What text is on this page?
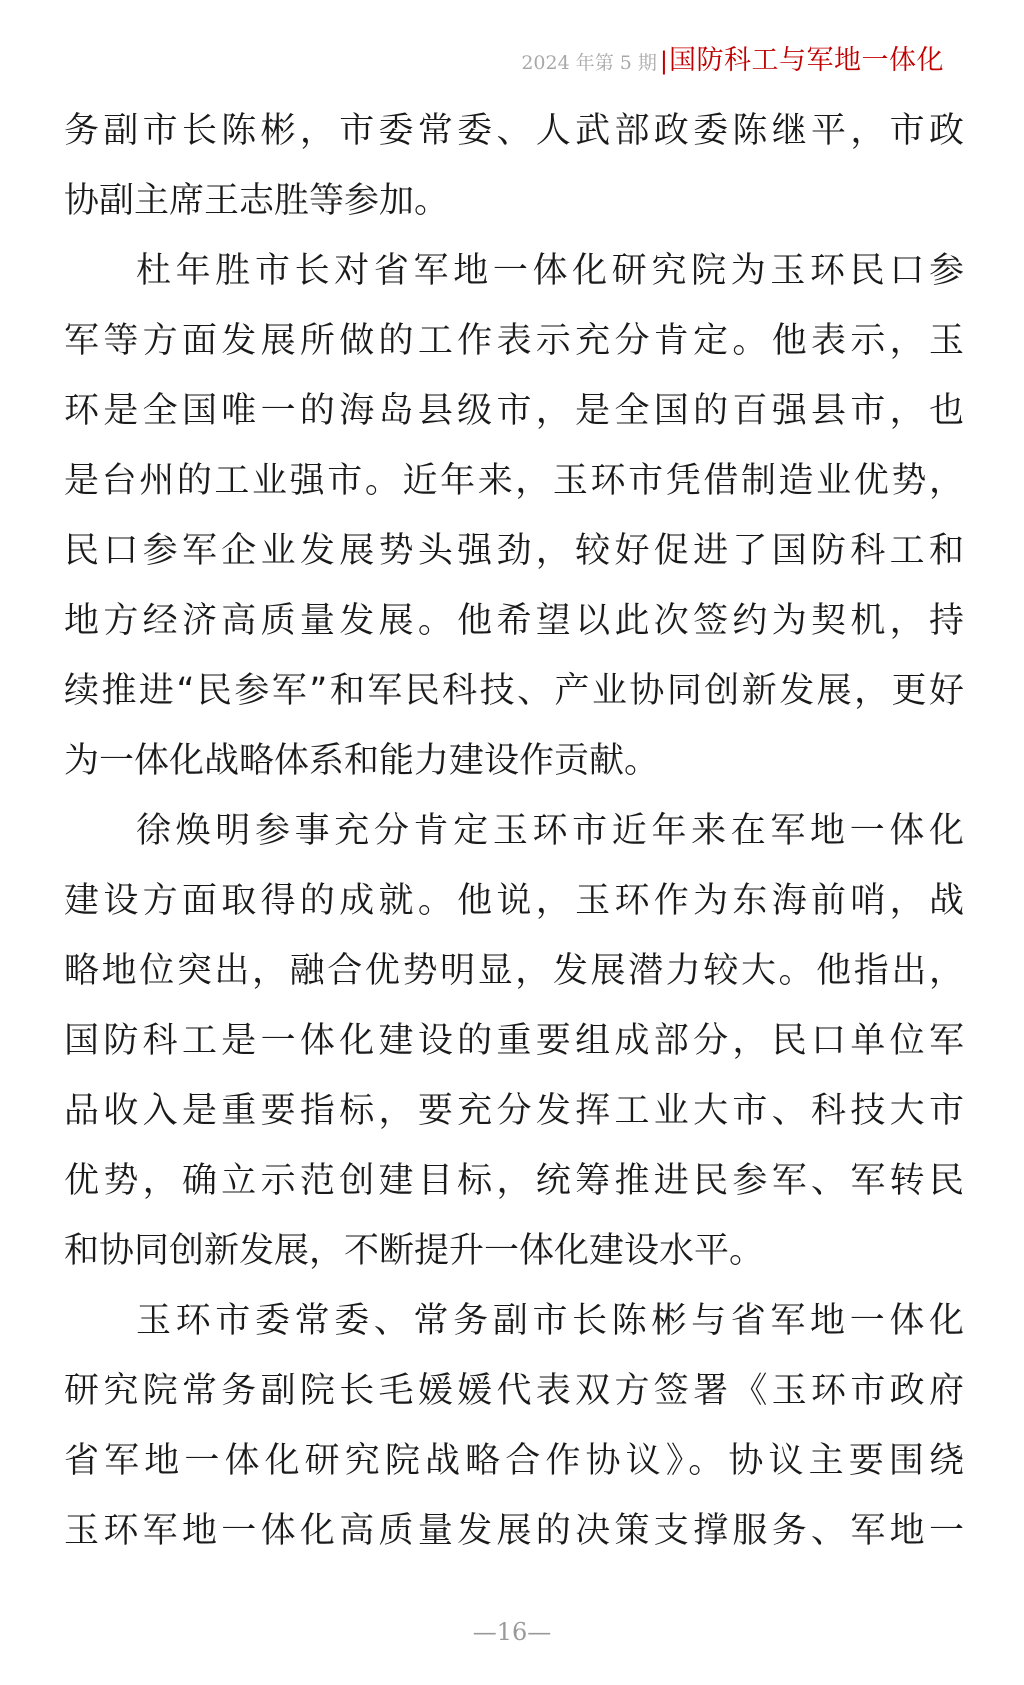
2024 年第 5 期 | 国防科工与军地一体化
务副市长陈彬，市委常委、人武部政委陈继平，市政
协副主席王志胜等参加。
杜年胜市长对省军地一体化研究院为玉环民口参
军等方面发展所做的工作表示充分肯定。他表示，玉
环是全国唯一的海岛县级市，是全国的百强县市，也
是台州的工业强市。近年来，玉环市凭借制造业优势，
民口参军企业发展势头强劲，较好促进了国防科工和
地方经济高质量发展。他希望以此次签约为契机，持
续推进“民参军”和军民科技、产业协同创新发展，更好
为一体化战略体系和能力建设作贡献。
徐焕明参事充分肯定玉环市近年来在军地一体化
建设方面取得的成就。他说，玉环作为东海前哨，战
略地位突出，融合优势明显，发展潜力较大。他指出，
国防科工是一体化建设的重要组成部分，民口单位军
品收入是重要指标，要充分发挥工业大市、科技大市
优势，确立示范创建目标，统筹推进民参军、军转民
和协同创新发展，不断提升一体化建设水平。
玉环市委常委、常务副市长陈彬与省军地一体化
研究院常务副院长毛媛媛代表双方签署《玉环市政府
省军地一体化研究院战略合作协议》。协议主要围绕
玉环军地一体化高质量发展的决策支撑服务、军地一
—16—
